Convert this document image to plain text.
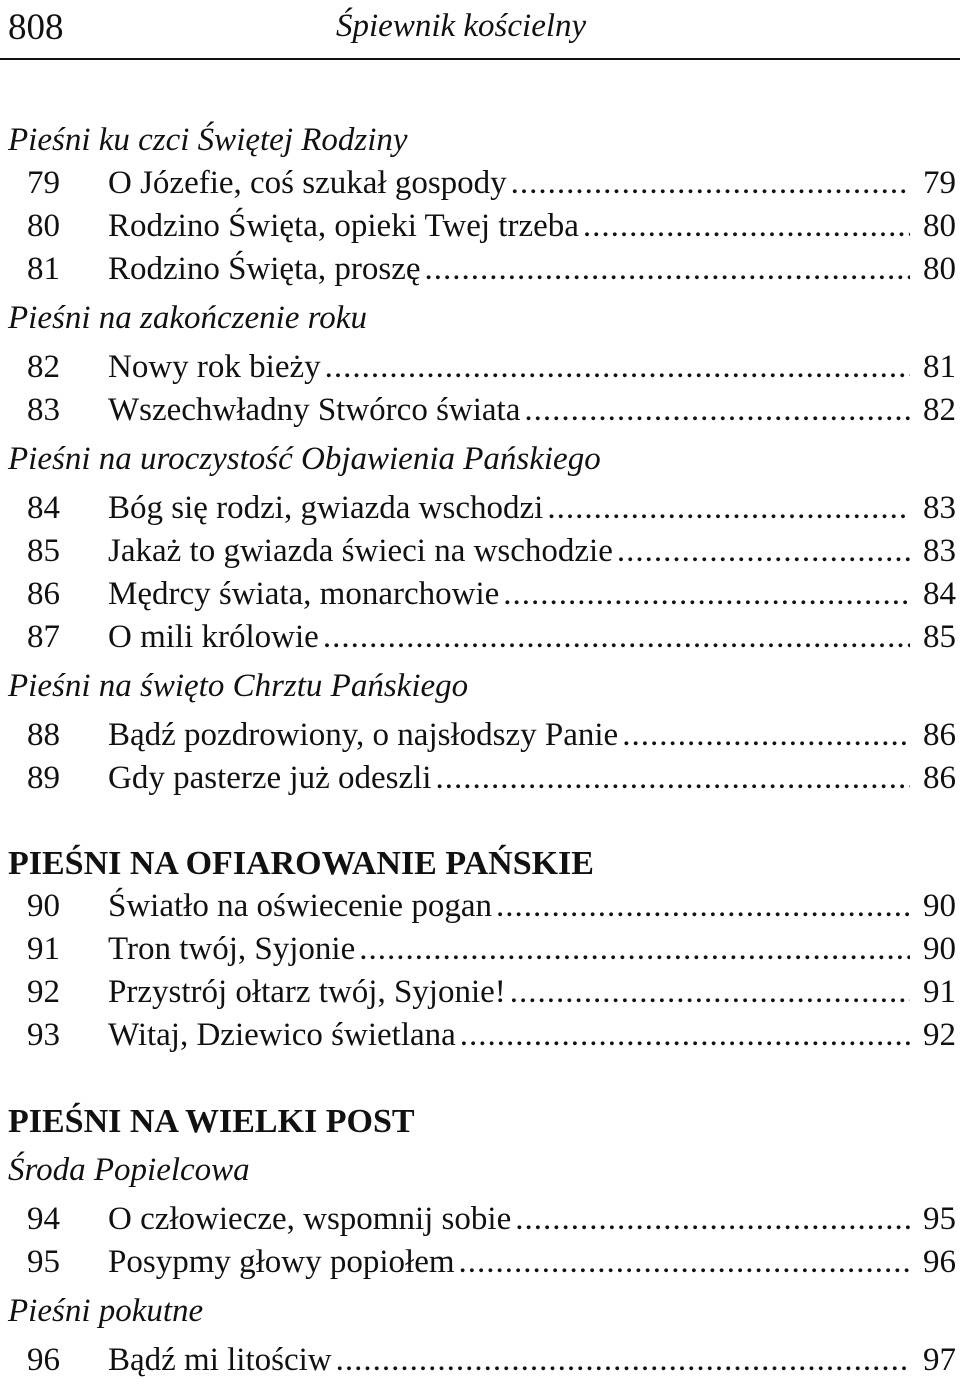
808	Śpiewnik kościelny
Pieśni ku czci Świętej Rodziny
79	O Józefie, coś szukał gospody .....	79
80	Rodzino Święta, opieki Twej trzeba .....	80
81	Rodzino Święta, proszę .....	80
Pieśni na zakończenie roku
82	Nowy rok bieży .....	81
83	Wszechwładny Stwórco świata .....	82
Pieśni na uroczystość Objawienia Pańskiego
84	Bóg się rodzi, gwiazda wschodzi .....	83
85	Jakaż to gwiazda świeci na wschodzie .....	83
86	Mędrcy świata, monarchowie .....	84
87	O mili królowie .....	85
Pieśni na święto Chrztu Pańskiego
88	Bądź pozdrowiony, o najsłodszy Panie .....	86
89	Gdy pasterze już odeszli .....	86
PIEŚNI NA OFIAROWANIE PAŃSKIE
90	Światło na oświecenie pogan .....	90
91	Tron twój, Syjonie .....	90
92	Przystrój ołtarz twój, Syjonie! .....	91
93	Witaj, Dziewico świetlana .....	92
PIEŚNI NA WIELKI POST
Środa Popielcowa
94	O człowiecze, wspomnij sobie .....	95
95	Posypmy głowy popiołem .....	96
Pieśni pokutne
96	Bądź mi litościw .....	97
